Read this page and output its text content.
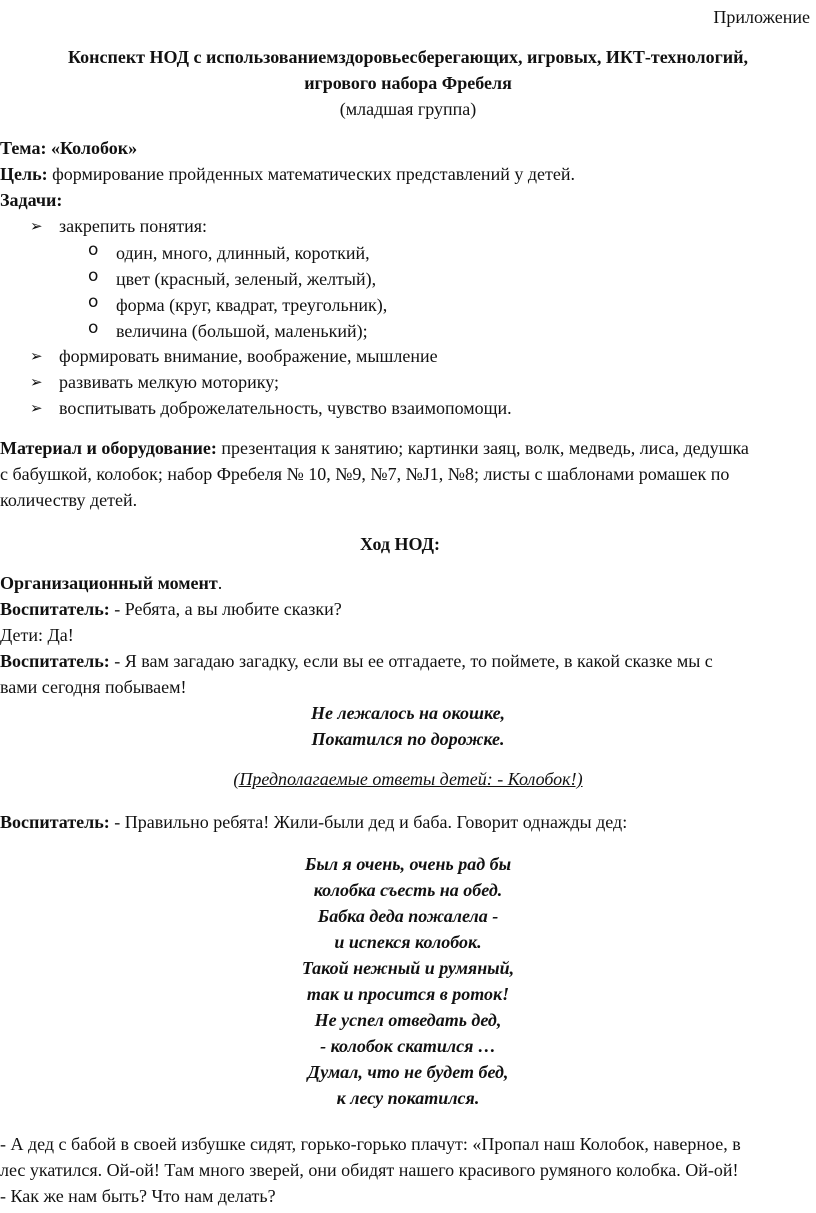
Приложение
Конспект НОД с использованиемздоровьесберегающих, игровых, ИКТ-технологий,
игрового набора Фребеля
(младшая группа)
Тема: «Колобок»
Цель: формирование пройденных математических представлений у детей.
Задачи:
➢ закрепить понятия:
o один, много, длинный, короткий,
o цвет (красный, зеленый, желтый),
o форма (круг, квадрат, треугольник),
o величина (большой, маленький);
➢ формировать внимание, воображение, мышление
➢ развивать мелкую моторику;
➢ воспитывать доброжелательность, чувство взаимопомощи.
Материал и оборудование: презентация к занятию; картинки заяц, волк, медведь, лиса, дедушка
с бабушкой, колобок; набор Фребеля № 10, №9, №7, №J1, №8; листы с шаблонами ромашек по
количеству детей.
Ход НОД:
Организационный момент.
Воспитатель: - Ребята, а вы любите сказки?
Дети: Да!
Воспитатель: - Я вам загадаю загадку, если вы ее отгадаете, то поймете, в какой сказке мы с
вами сегодня побываем!
Не лежалось на окошке,
Покатился по дорожке.
(Предполагаемые ответы детей: - Колобок!)
Воспитатель: - Правильно ребята! Жили-были дед и баба. Говорит однажды дед:
Был я очень, очень рад бы
колобка съесть на обед.
Бабка деда пожалела -
и испекся колобок.
Такой нежный и румяный,
так и просится в роток!
Не успел отведать дед,
- колобок скатился …
Думал, что не будет бед,
к лесу покатился.
- А дед с бабой в своей избушке сидят, горько-горько плачут: «Пропал наш Колобок, наверное, в
лес укатился. Ой-ой! Там много зверей, они обидят нашего красивого румяного колобка. Ой-ой!
- Как же нам быть? Что нам делать?
